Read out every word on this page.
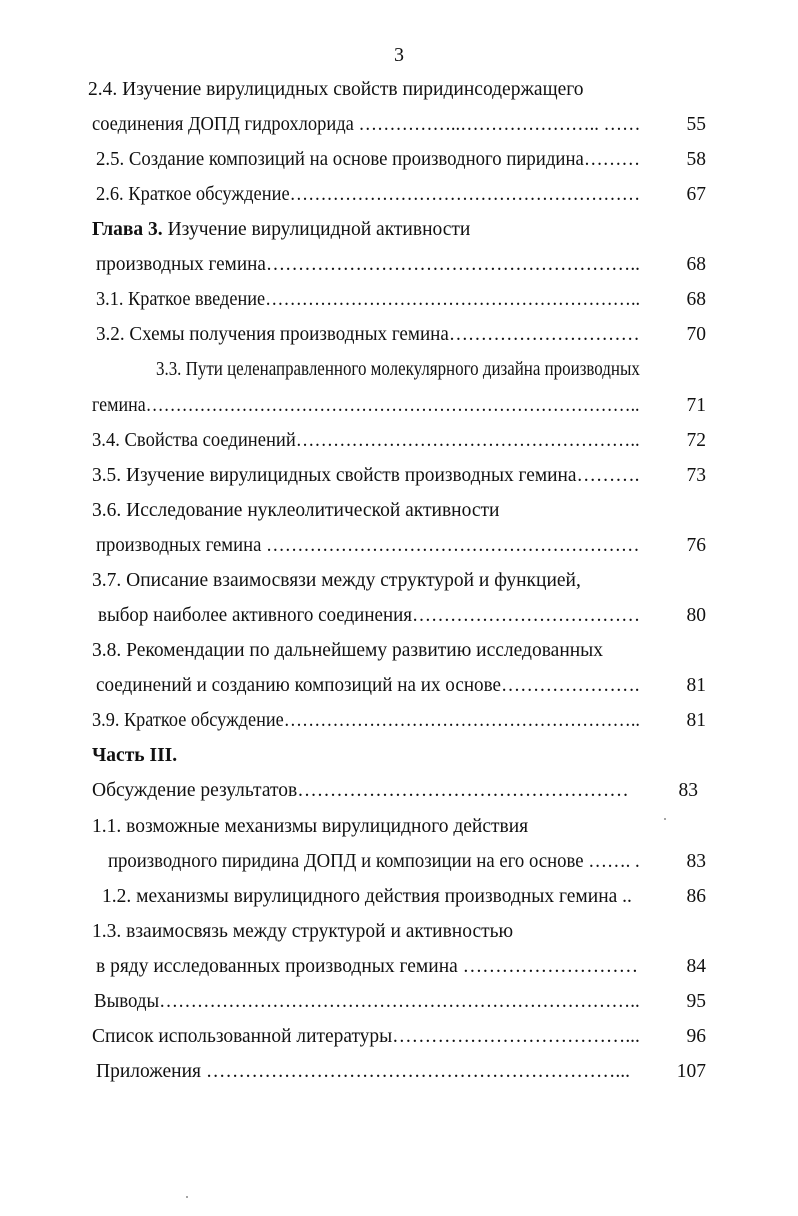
3
2.4. Изучение вирулицидных свойств пиридинсодержащего
соединения ДОПД гидрохлорида ……………..………………….. ……	55
2.5. Создание композиций на основе производного пиридина………	58
2.6. Краткое обсуждение…………………………………………………	67
Глава 3. Изучение вирулицидной активности
производных гемина…………………………………………………..	68
3.1. Краткое введение……………………………………………………..	68
3.2. Схемы получения производных гемина…………………………	70
3.3. Пути целенаправленного молекулярного дизайна производных
гемина………………………………………………………………………..	71
3.4. Свойства соединений………………………………………………..	72
3.5. Изучение вирулицидных свойств производных гемина……….	73
3.6. Исследование нуклеолитической активности
производных гемина ……………………………………………………	76
3.7. Описание взаимосвязи между структурой и функцией,
выбор наиболее активного соединения………………………………	80
3.8. Рекомендации по дальнейшему развитию исследованных
соединений и созданию композиций на их основе………………….	81
3.9. Краткое обсуждение…………………………………………………..	81
Часть III.
Обсуждение результатов……………………………………………	83
1.1. возможные механизмы вирулицидного действия
производного пиридина ДОПД и композиции на его основе ……. .	83
1.2. механизмы вирулицидного действия производных гемина ..	86
1.3. взаимосвязь между структурой и активностью
в ряду исследованных производных гемина ………………………	84
Выводы…………………………………………………………………..	95
Список использованной литературы………………………………...	96
Приложения ………………………………………………………...	107
